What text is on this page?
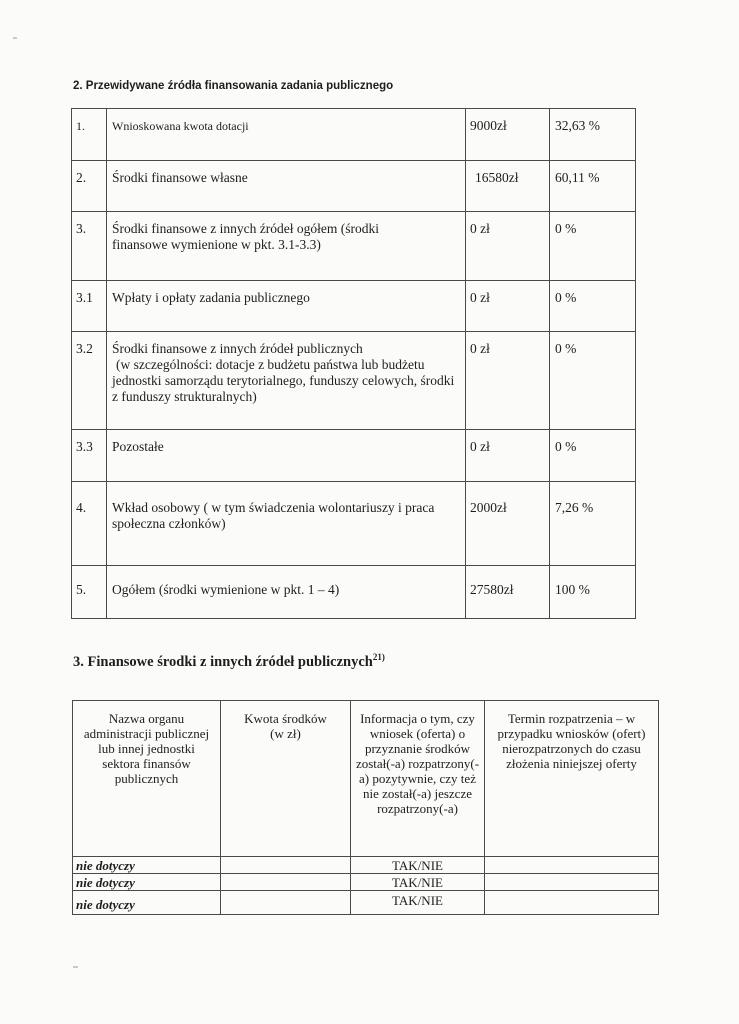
2. Przewidywane źródła finansowania zadania publicznego
1.	Wnioskowana kwota dotacji	9000zł	32,63 %
2.	Środki finansowe własne	16580zł	60,11 %
3.	Środki finansowe z innych źródeł ogółem (środki finansowe wymienione w pkt. 3.1-3.3)	0 zł	0 %
3.1	Wpłaty i opłaty zadania publicznego	0 zł	0 %
3.2	Środki finansowe z innych źródeł publicznych
(w szczególności: dotacje z budżetu państwa lub budżetu jednostki samorządu terytorialnego, funduszy celowych, środki z funduszy strukturalnych)	0 zł	0 %
3.3	Pozostałe	0 zł	0 %
4.	Wkład osobowy ( w tym świadczenia wolontariuszy i praca społeczna członków)	2000zł	7,26 %
5.	Ogółem (środki wymienione w pkt. 1 – 4)	27580zł	100 %
3. Finansowe środki z innych źródeł publicznych$^{21)}$
Nazwa organu administracji publicznej lub innej jednostki sektora finansów publicznych	Kwota środków (w zł)	Informacja o tym, czy wniosek (oferta) o przyznanie środków został(-a) rozpatrzony(-a) pozytywnie, czy też nie został(-a) jeszcze rozpatrzony(-a)	Termin rozpatrzenia – w przypadku wniosków (ofert) nierozpatrzonych do czasu złożenia niniejszej oferty
nie dotyczy		TAK/NIE	
nie dotyczy		TAK/NIE	
nie dotyczy		TAK/NIE	
